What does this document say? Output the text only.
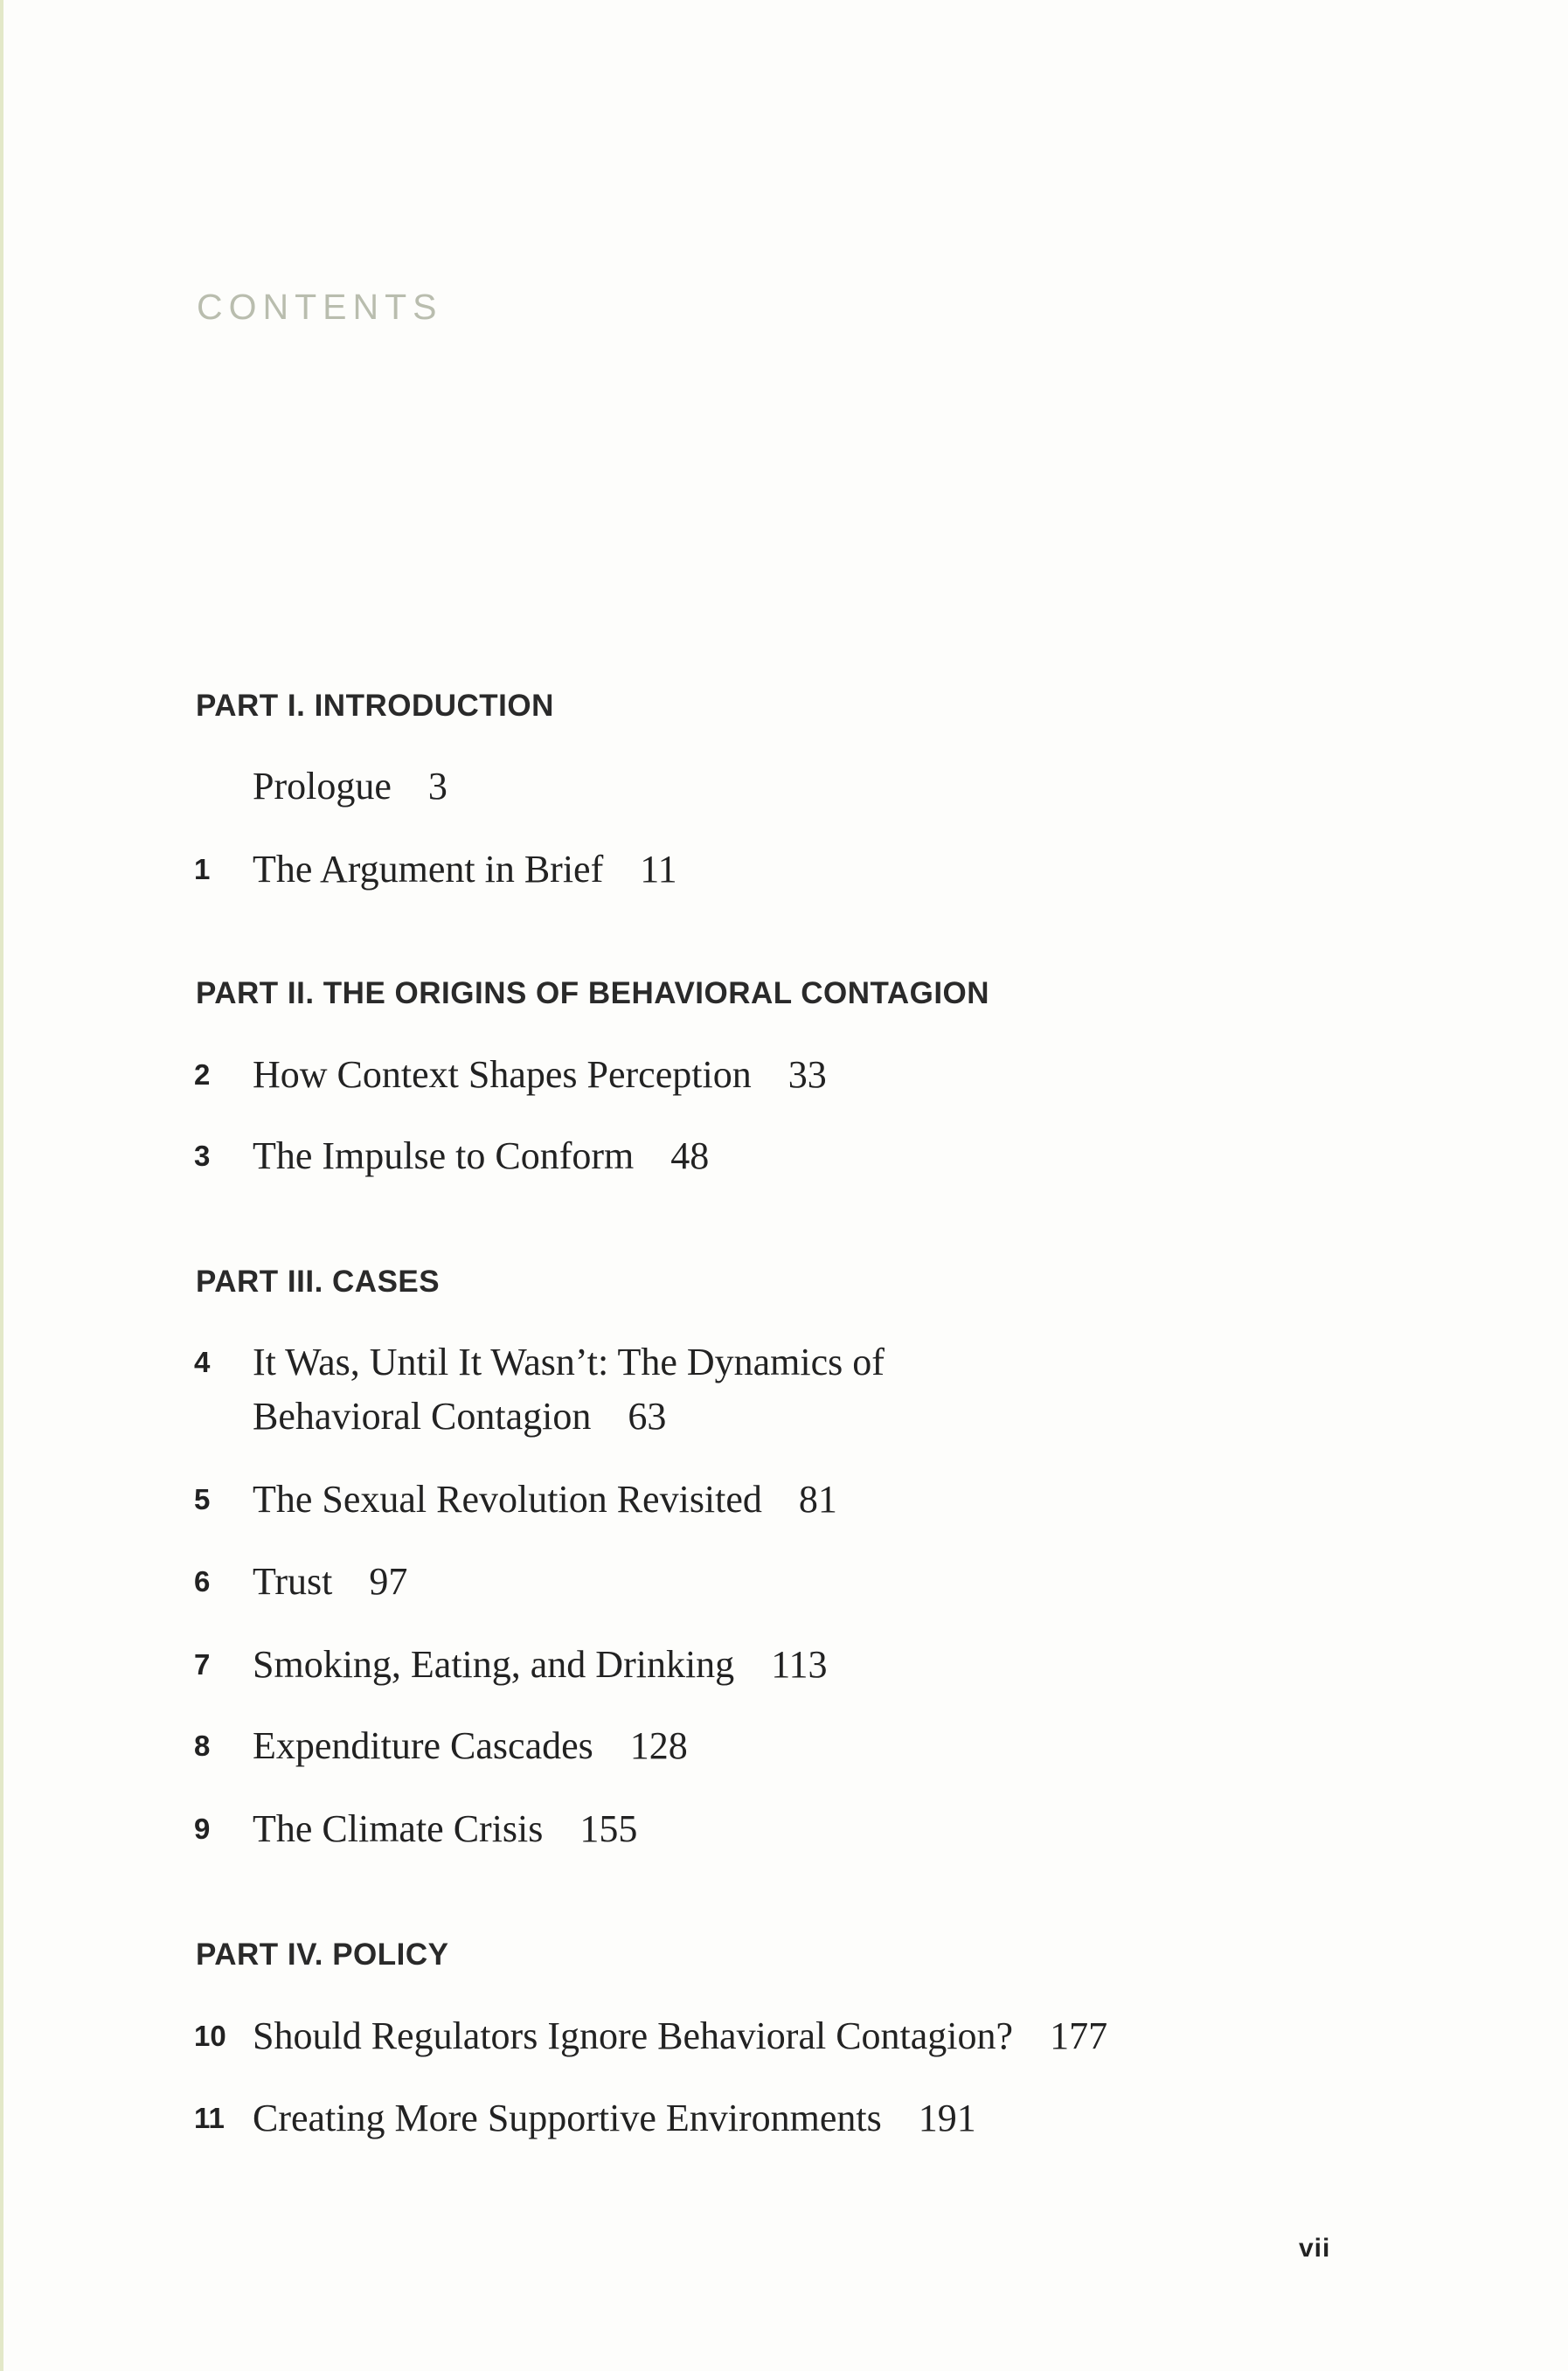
CONTENTS
PART I. INTRODUCTION
Prologue 3
1 The Argument in Brief 11
PART II. THE ORIGINS OF BEHAVIORAL CONTAGION
2 How Context Shapes Perception 33
3 The Impulse to Conform 48
PART III. CASES
4 It Was, Until It Wasn’t: The Dynamics of
Behavioral Contagion 63
5 The Sexual Revolution Revisited 81
6 Trust 97
7 Smoking, Eating, and Drinking 113
8 Expenditure Cascades 128
9 The Climate Crisis 155
PART IV. POLICY
10 Should Regulators Ignore Behavioral Contagion? 177
11 Creating More Supportive Environments 191
vii
